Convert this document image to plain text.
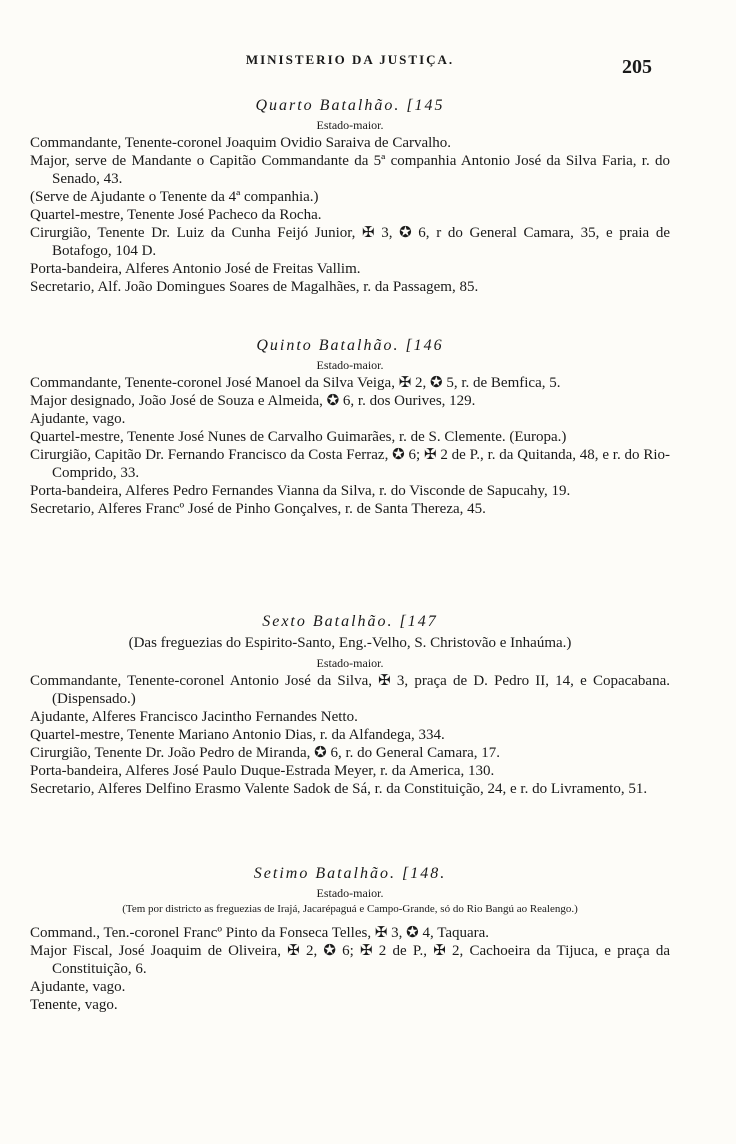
MINISTERIO DA JUSTIÇA.
Quarto Batalhão. [145
Estado-maior.
Commandante, Tenente-coronel Joaquim Ovidio Saraiva de Carvalho.
Major, serve de Mandante o Capitão Commandante da 5ª companhia Antonio José da Silva Faria, r. do Senado, 43.
(Serve de Ajudante o Tenente da 4ª companhia.)
Quartel-mestre, Tenente José Pacheco da Rocha.
Cirurgião, Tenente Dr. Luiz da Cunha Feijó Junior, ✠ 3, ✪ 6, r do General Camara, 35, e praia de Botafogo, 104 D.
Porta-bandeira, Alferes Antonio José de Freitas Vallim.
Secretario, Alf. João Domingues Soares de Magalhães, r. da Passagem, 85.
Quinto Batalhão. [146
Estado-maior.
Commandante, Tenente-coronel José Manoel da Silva Veiga, ✠ 2, ✪ 5, r. de Bemfica, 5.
Major designado, João José de Souza e Almeida, ✪ 6, r. dos Ourives, 129.
Ajudante, vago.
Quartel-mestre, Tenente José Nunes de Carvalho Guimarães, r. de S. Clemente. (Europa.)
Cirurgião, Capitão Dr. Fernando Francisco da Costa Ferraz, ✪ 6; ✠ 2 de P., r. da Quitanda, 48, e r. do Rio-Comprido, 33.
Porta-bandeira, Alferes Pedro Fernandes Vianna da Silva, r. do Visconde de Sapucahy, 19.
Secretario, Alferes Francº José de Pinho Gonçalves, r. de Santa Thereza, 45.
Sexto Batalhão. [147
(Das freguezias do Espirito-Santo, Eng.-Velho, S. Christovão e Inhaúma.)
Estado-maior.
Commandante, Tenente-coronel Antonio José da Silva, ✠ 3, praça de D. Pedro II, 14, e Copacabana. (Dispensado.)
Ajudante, Alferes Francisco Jacintho Fernandes Netto.
Quartel-mestre, Tenente Mariano Antonio Dias, r. da Alfandega, 334.
Cirurgião, Tenente Dr. João Pedro de Miranda, ✪ 6, r. do General Camara, 17.
Porta-bandeira, Alferes José Paulo Duque-Estrada Meyer, r. da America, 130.
Secretario, Alferes Delfino Erasmo Valente Sadok de Sá, r. da Constituição, 24, e r. do Livramento, 51.
Setimo Batalhão. [148.
Estado-maior.
(Tem por districto as freguezias de Irajá, Jacarépaguá e Campo-Grande, só do Rio Bangú ao Realengo.)
Command., Ten.-coronel Francº Pinto da Fonseca Telles, ✠ 3, ✪ 4, Taquara.
Major Fiscal, José Joaquim de Oliveira, ✠ 2, ✪ 6; ✠ 2 de P., ✠ 2, Cachoeira da Tijuca, e praça da Constituição, 6.
Ajudante, vago.
Tenente, vago.
205
